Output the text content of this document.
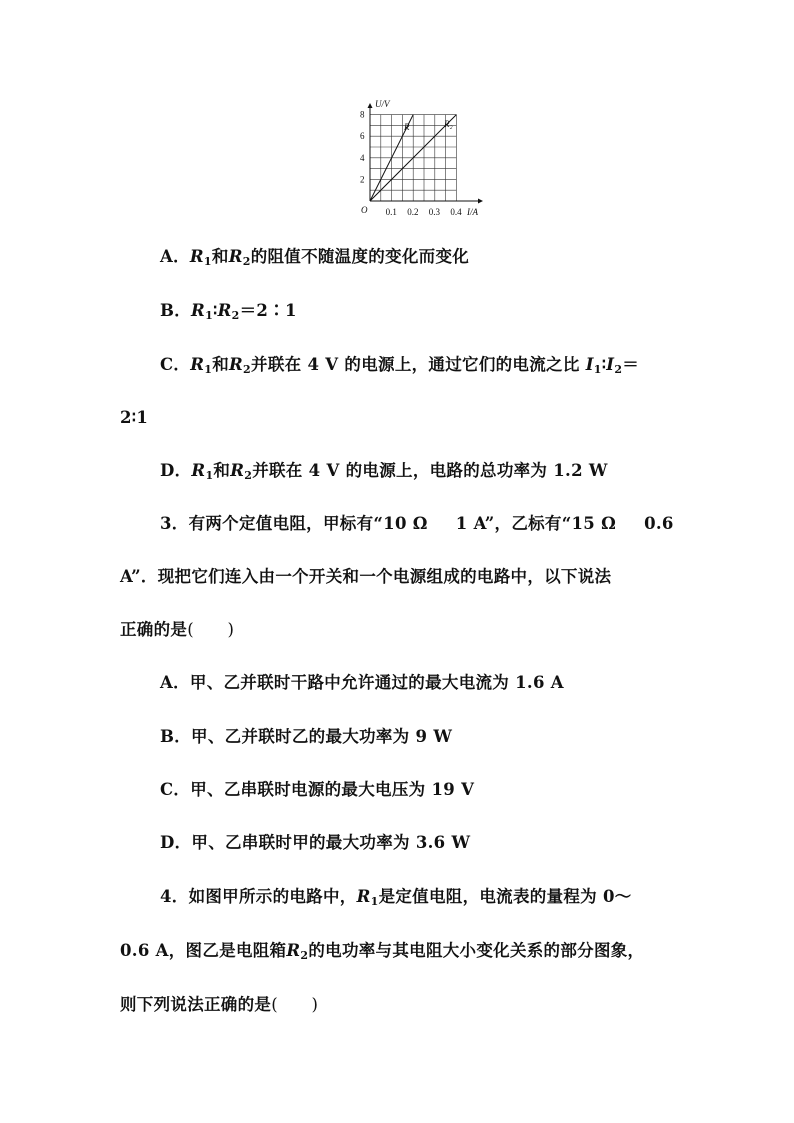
U/V
I/A
O
2
4
6
8
0.1 0.2 0.3 0.4
R	R₂
A．$R_1$和$R_2$的阻值不随温度的变化而变化
B．$R_1∶R_2=2∶1$
C．$R_1$和$R_2$并联在 4 V 的电源上，通过它们的电流之比 $I_1∶I_2=$
2∶1
D．$R_1$和$R_2$并联在 4 V 的电源上，电路的总功率为 1.2 W
3．有两个定值电阻，甲标有“10 Ω 1 A”，乙标有“15 Ω 0.6
A”．现把它们连入由一个开关和一个电源组成的电路中，以下说法
正确的是(　　)
A．甲、乙并联时干路中允许通过的最大电流为 1.6 A
B．甲、乙并联时乙的最大功率为 9 W
C．甲、乙串联时电源的最大电压为 19 V
D．甲、乙串联时甲的最大功率为 3.6 W
4．如图甲所示的电路中，$R_1$是定值电阻，电流表的量程为 0～
0.6 A，图乙是电阻箱$R_2$的电功率与其电阻大小变化关系的部分图象，
则下列说法正确的是(　　)
